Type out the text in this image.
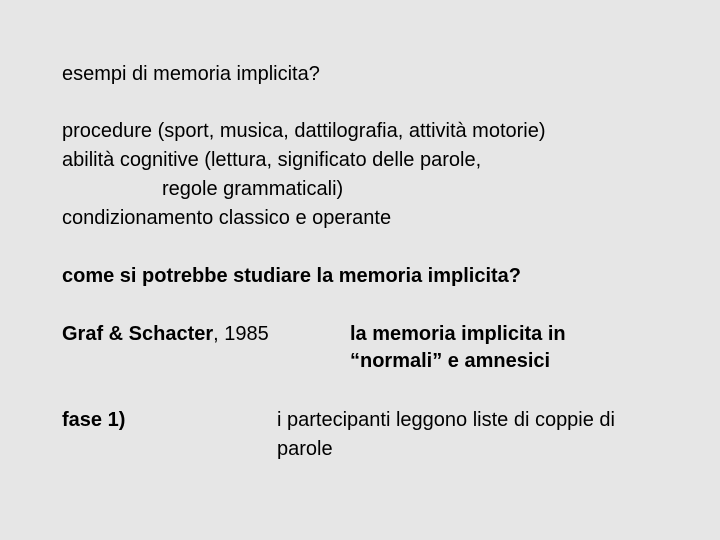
esempi di memoria implicita?
procedure (sport, musica, dattilografia, attività motorie)
abilità cognitive (lettura, significato delle parole,
regole grammaticali)
condizionamento classico e operante
come si potrebbe studiare la memoria implicita?
Graf & Schacter, 1985	la memoria implicita in
“normali” e amnesici
fase 1)	i partecipanti leggono liste di coppie di
parole
